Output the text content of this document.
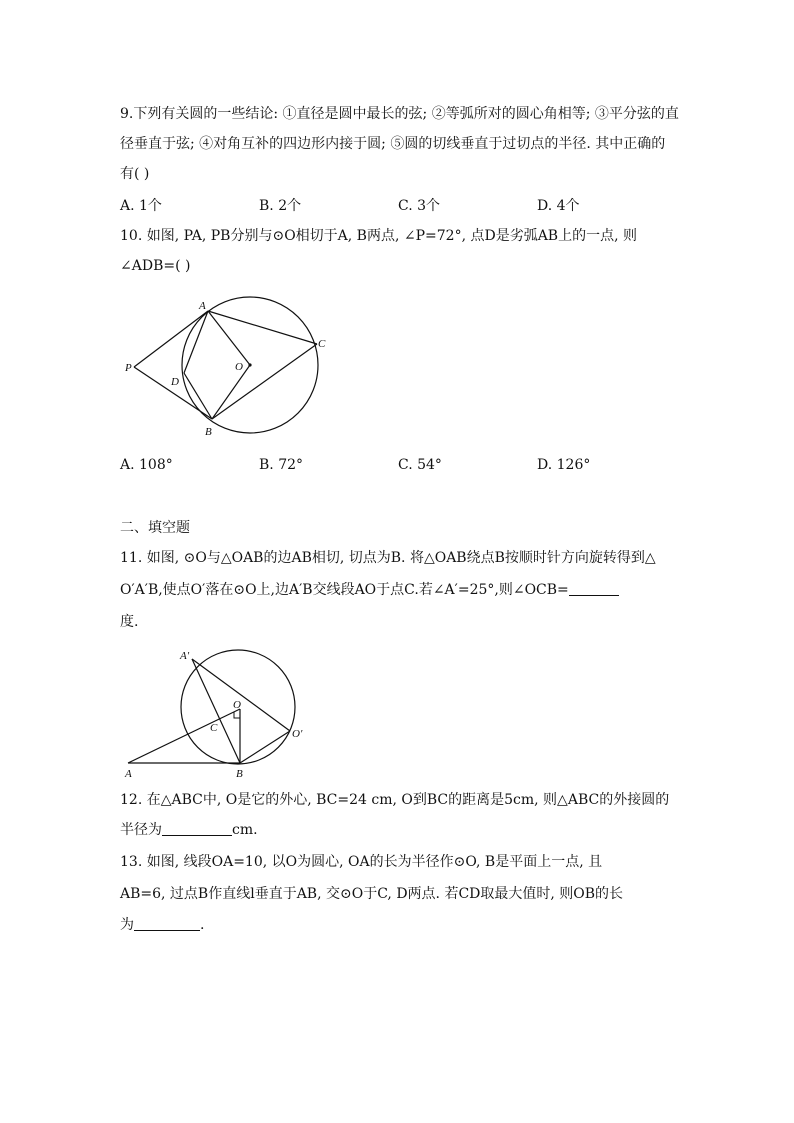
9.下列有关圆的一些结论: ①直径是圆中最长的弦; ②等弧所对的圆心角相等; ③平分弦的直
径垂直于弦; ④对角互补的四边形内接于圆; ⑤圆的切线垂直于过切点的半径. 其中正确的
有( )
A. 1个	B. 2个	C. 3个	D. 4个
10. 如图, PA, PB分别与⊙O相切于A, B两点, ∠P=72°, 点D是劣弧AB上的一点, 则
∠ADB=( )
A
C
O
P
D
B
A. 108°	B. 72°	C. 54°	D. 126°
二、填空题
11. 如图, ⊙O与△OAB的边AB相切, 切点为B. 将△OAB绕点B按顺时针方向旋转得到△
O′A′B,使点O′落在⊙O上,边A′B交线段AO于点C.若∠A′=25°,则∠OCB=
度.
A′
O
C	O′
A	B
12. 在△ABC中, O是它的外心, BC=24 cm, O到BC的距离是5cm, 则△ABC的外接圆的
半径为	cm.
13. 如图, 线段OA=10, 以O为圆心, OA的长为半径作⊙O, B是平面上一点, 且
AB=6, 过点B作直线l垂直于AB, 交⊙O于C, D两点. 若CD取最大值时, 则OB的长
为	.
